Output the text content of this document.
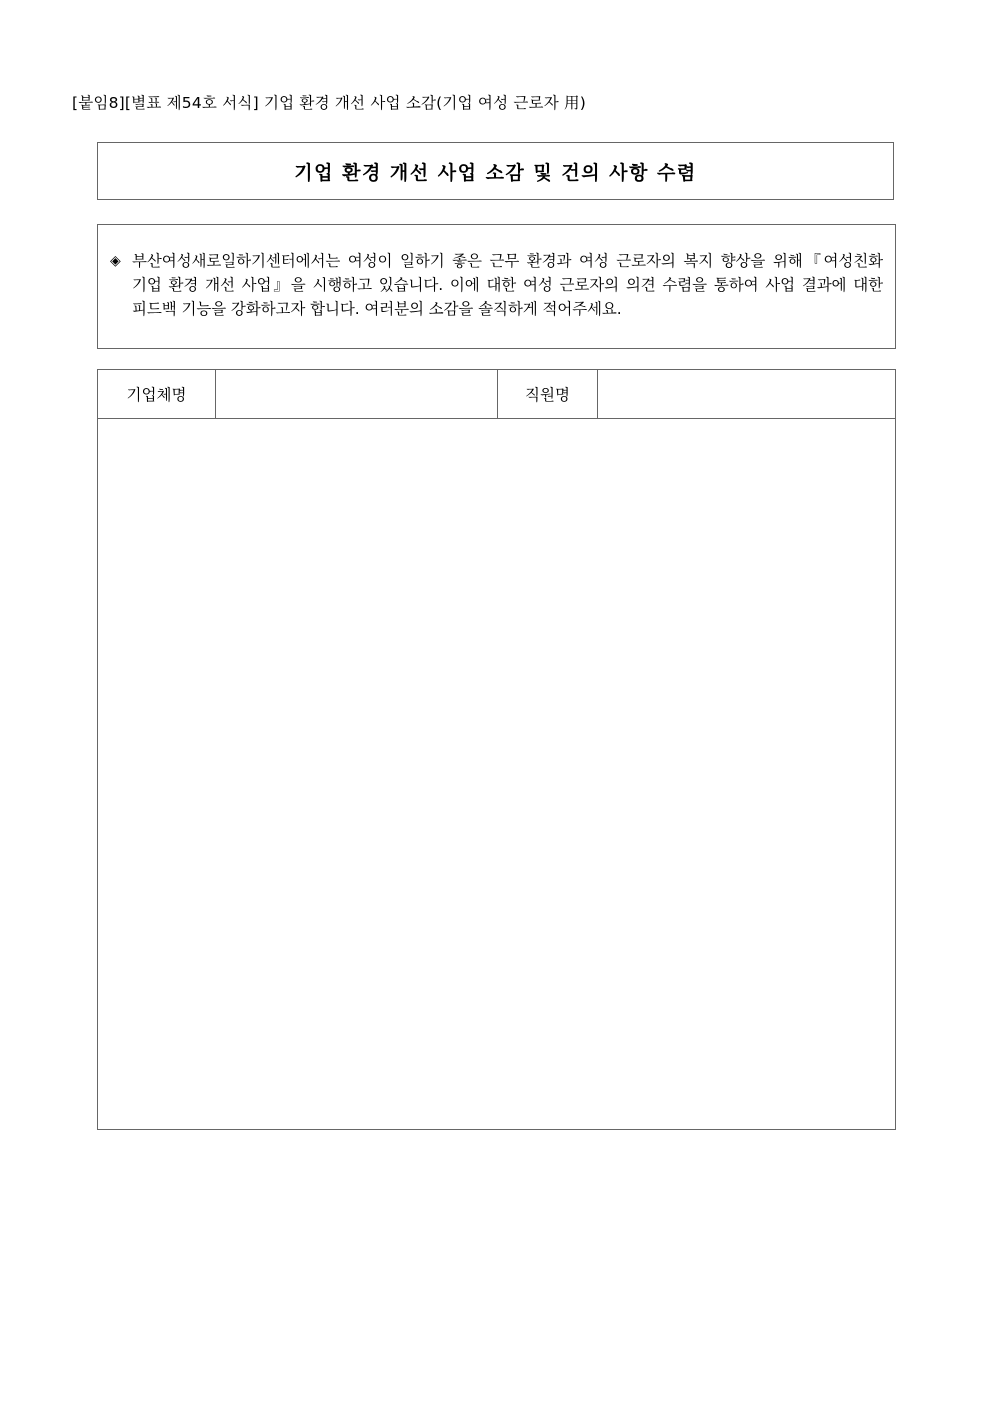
[붙임8][별표 제54호 서식] 기업 환경 개선 사업 소감(기업 여성 근로자 用)
기업 환경 개선 사업 소감 및 건의 사항 수렴
◈ 부산여성새로일하기센터에서는 여성이 일하기 좋은 근무 환경과 여성 근로자의 복지 향상을 위해『여성친화 기업 환경 개선 사업』을 시행하고 있습니다. 이에 대한 여성 근로자의 의견 수렴을 통하여 사업 결과에 대한 피드백 기능을 강화하고자 합니다. 여러분의 소감을 솔직하게 적어주세요.
기업체명	직원명
